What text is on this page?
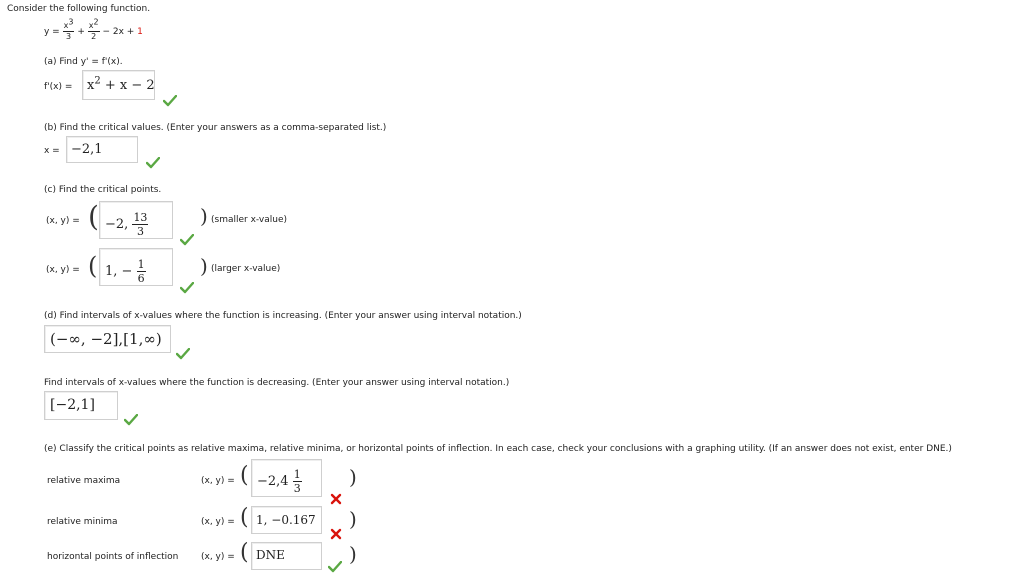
Consider the following function.
$y = \frac{x3}{3} + \frac{x2}{2} - 2x + 1$
(a) Find y' = f'(x).
$f'(x) = x^2 + x - 2$
(b) Find the critical values. (Enter your answers as a comma-separated list.)
x = −2,1
(c) Find the critical points.
(x, y) = ( −2, $\frac{13}{3}$	) (smaller x-value)
(x, y) = ( 1, − $\frac{1}{6}$	) (larger x-value)
(d) Find intervals of x-values where the function is increasing. (Enter your answer using interval notation.)
(−∞, −2],[1,∞)
Find intervals of x-values where the function is decreasing. (Enter your answer using interval notation.)
[−2,1]
(e) Classify the critical points as relative maxima, relative minima, or horizontal points of inflection. In each case, check your conclusions with a graphing utility. (If an answer does not exist, enter DNE.)
relative maxima	(x, y) = ( $-2,4 \frac{1}{3}$ )
relative minima	(x, y) = ( 1, −0.167 )
horizontal points of inflection	(x, y) = ( DNE	)
